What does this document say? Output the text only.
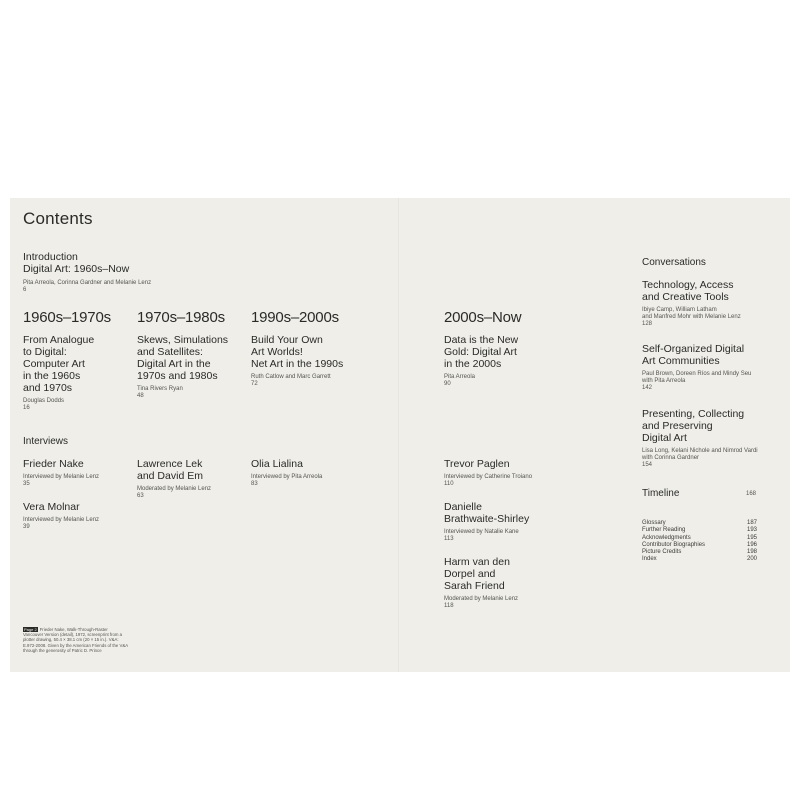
Contents
Introduction
Digital Art: 1960s–Now
Pita Arreola, Corinna Gardner and Melanie Lenz
6
1960s–1970s
From Analogue
to Digital:
Computer Art
in the 1960s
and 1970s
Douglas Dodds
16
1970s–1980s
Skews, Simulations
and Satellites:
Digital Art in the
1970s and 1980s
Tina Rivers Ryan
48
1990s–2000s
Build Your Own
Art Worlds!
Net Art in the 1990s
Ruth Catlow and Marc Garrett
72
Interviews
Frieder Nake
Interviewed by Melanie Lenz
35
Vera Molnar
Interviewed by Melanie Lenz
39
Lawrence Lek
and David Em
Moderated by Melanie Lenz
63
Olia Lialina
Interviewed by Pita Arreola
83
Page 2 Frieder Nake, Walk-Through-Raster Vancouver Version (detail), 1972, screenprint from a plotter drawing, 50.4 × 38.1 cm (20 × 15 in.). V&A: E.972-2008. Given by the American Friends of the V&A through the generosity of Patric D. Prince
2000s–Now
Data is the New
Gold: Digital Art
in the 2000s
Pita Arreola
90
Trevor Paglen
Interviewed by Catherine Troiano
110
Danielle
Brathwaite-Shirley
Interviewed by Natalie Kane
113
Harm van den
Dorpel and
Sarah Friend
Moderated by Melanie Lenz
118
Conversations
Technology, Access
and Creative Tools
Ibiye Camp, William Latham
and Manfred Mohr with Melanie Lenz
128
Self-Organized Digital
Art Communities
Paul Brown, Doreen Ríos and Mindy Seu
with Pita Arreola
142
Presenting, Collecting
and Preserving
Digital Art
Lisa Long, Kelani Nichole and Nimrod Vardi
with Corinna Gardner
154
Timeline	168
Glossary	187
Further Reading	193
Acknowledgments	195
Contributor Biographies	196
Picture Credits	198
Index	200
